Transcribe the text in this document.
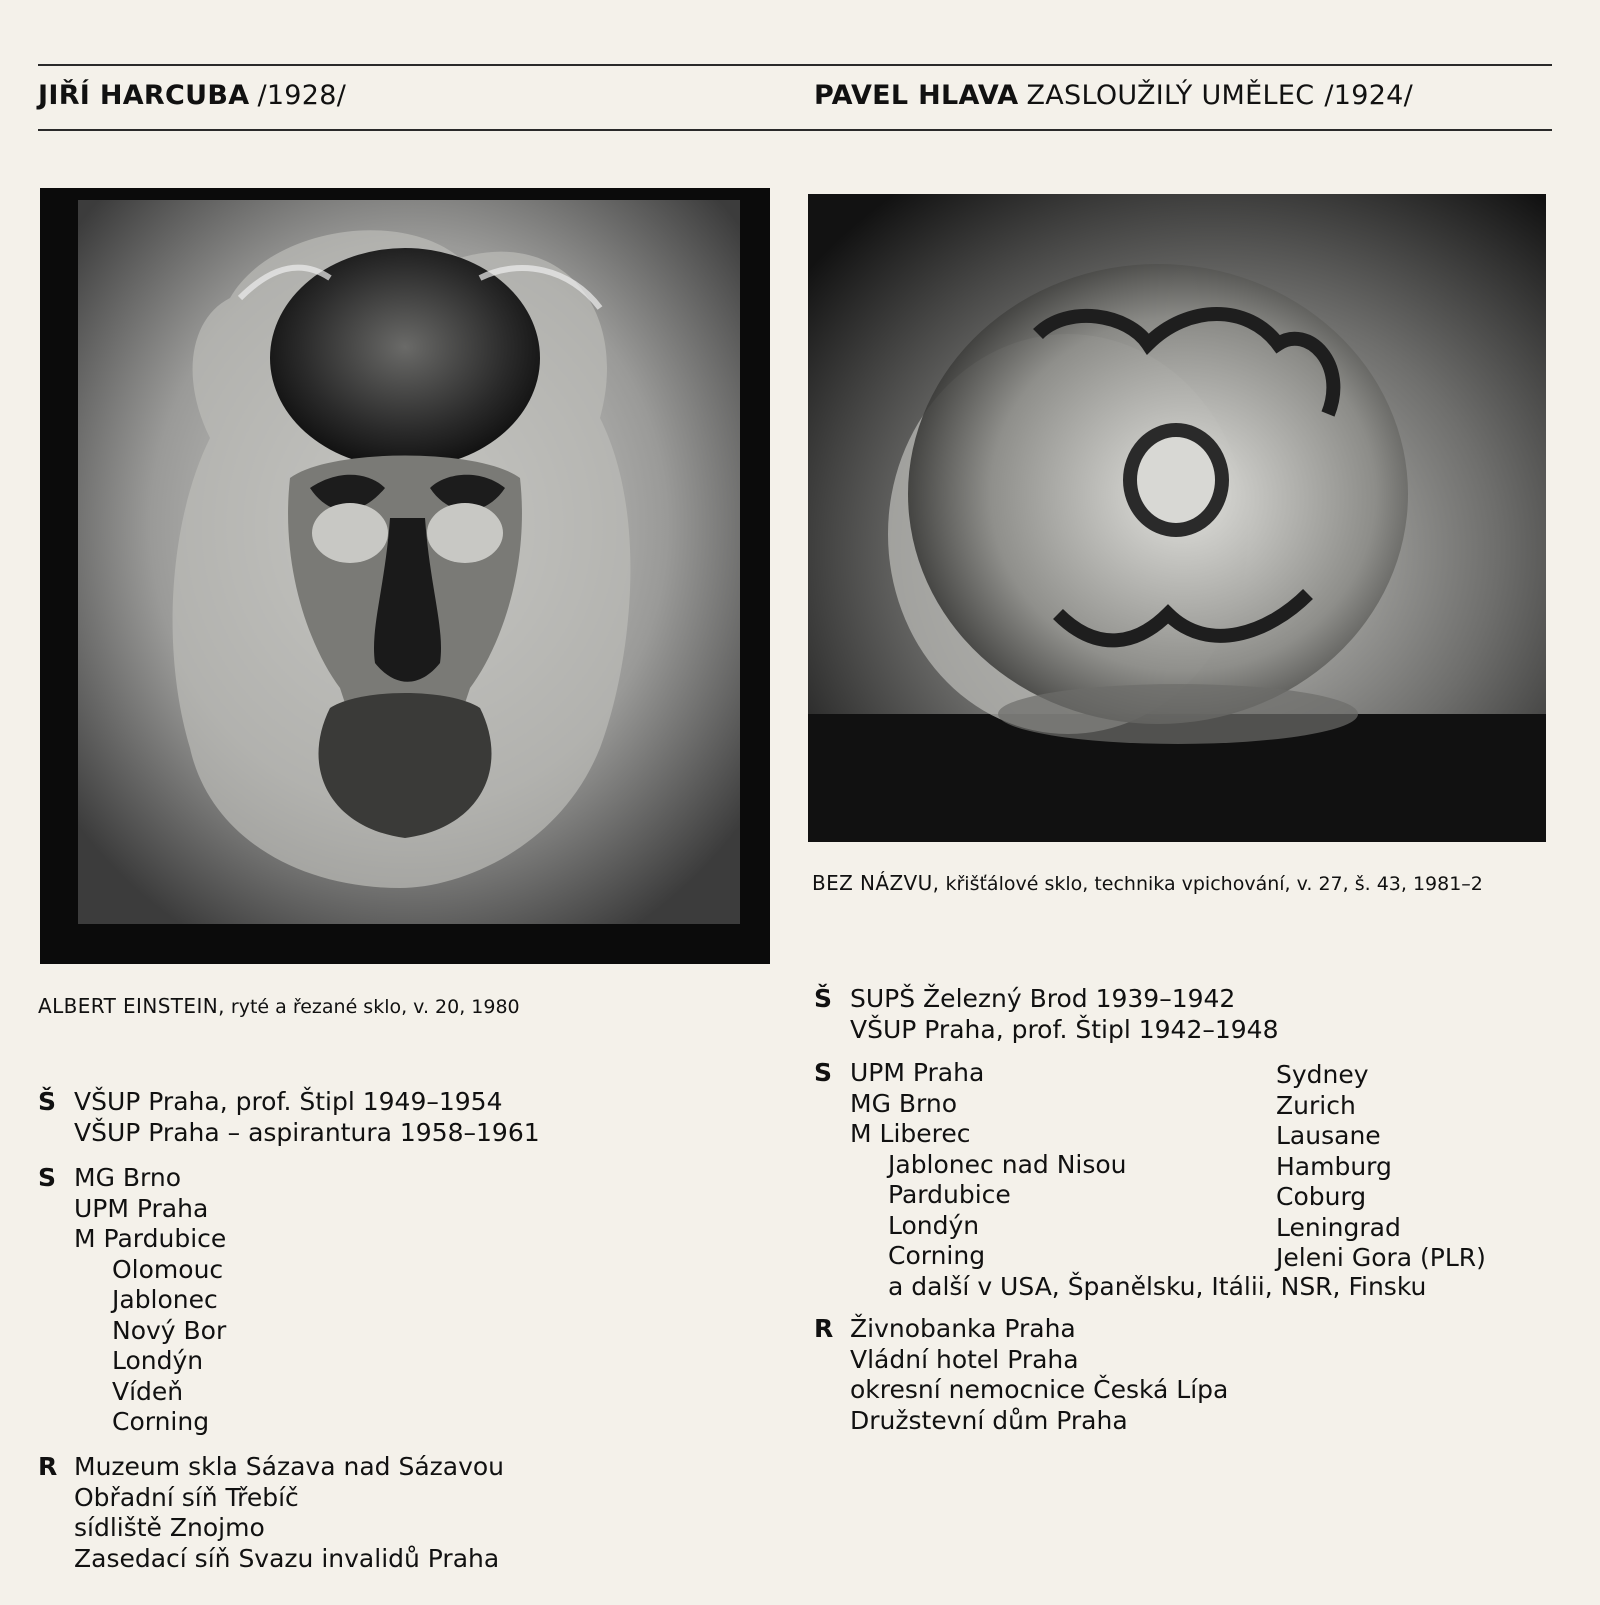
JIŘÍ HARCUBA /1928/	PAVEL HLAVA ZASLOUŽILÝ UMĚLEC /1924/
ALBERT EINSTEIN, ryté a řezané sklo, v. 20, 1980
BEZ NÁZVU, křišťálové sklo, technika vpichování, v. 27, š. 43, 1981–2
Š VŠUP Praha, prof. Štipl 1949–1954
VŠUP Praha – aspirantura 1958–1961
S MG Brno
UPM Praha
M Pardubice
Olomouc
Jablonec
Nový Bor
Londýn
Vídeň
Corning
R Muzeum skla Sázava nad Sázavou
Obřadní síň Třebíč
sídliště Znojmo
Zasedací síň Svazu invalidů Praha
Š SUPŠ Železný Brod 1939–1942
VŠUP Praha, prof. Štipl 1942–1948
S UPM Praha
MG Brno
M Liberec
Jablonec nad Nisou
Pardubice
Londýn
Corning
a další v USA, Španělsku, Itálii, NSR, Finsku
Sydney
Zurich
Lausane
Hamburg
Coburg
Leningrad
Jeleni Gora (PLR)
R Živnobanka Praha
Vládní hotel Praha
okresní nemocnice Česká Lípa
Družstevní dům Praha
